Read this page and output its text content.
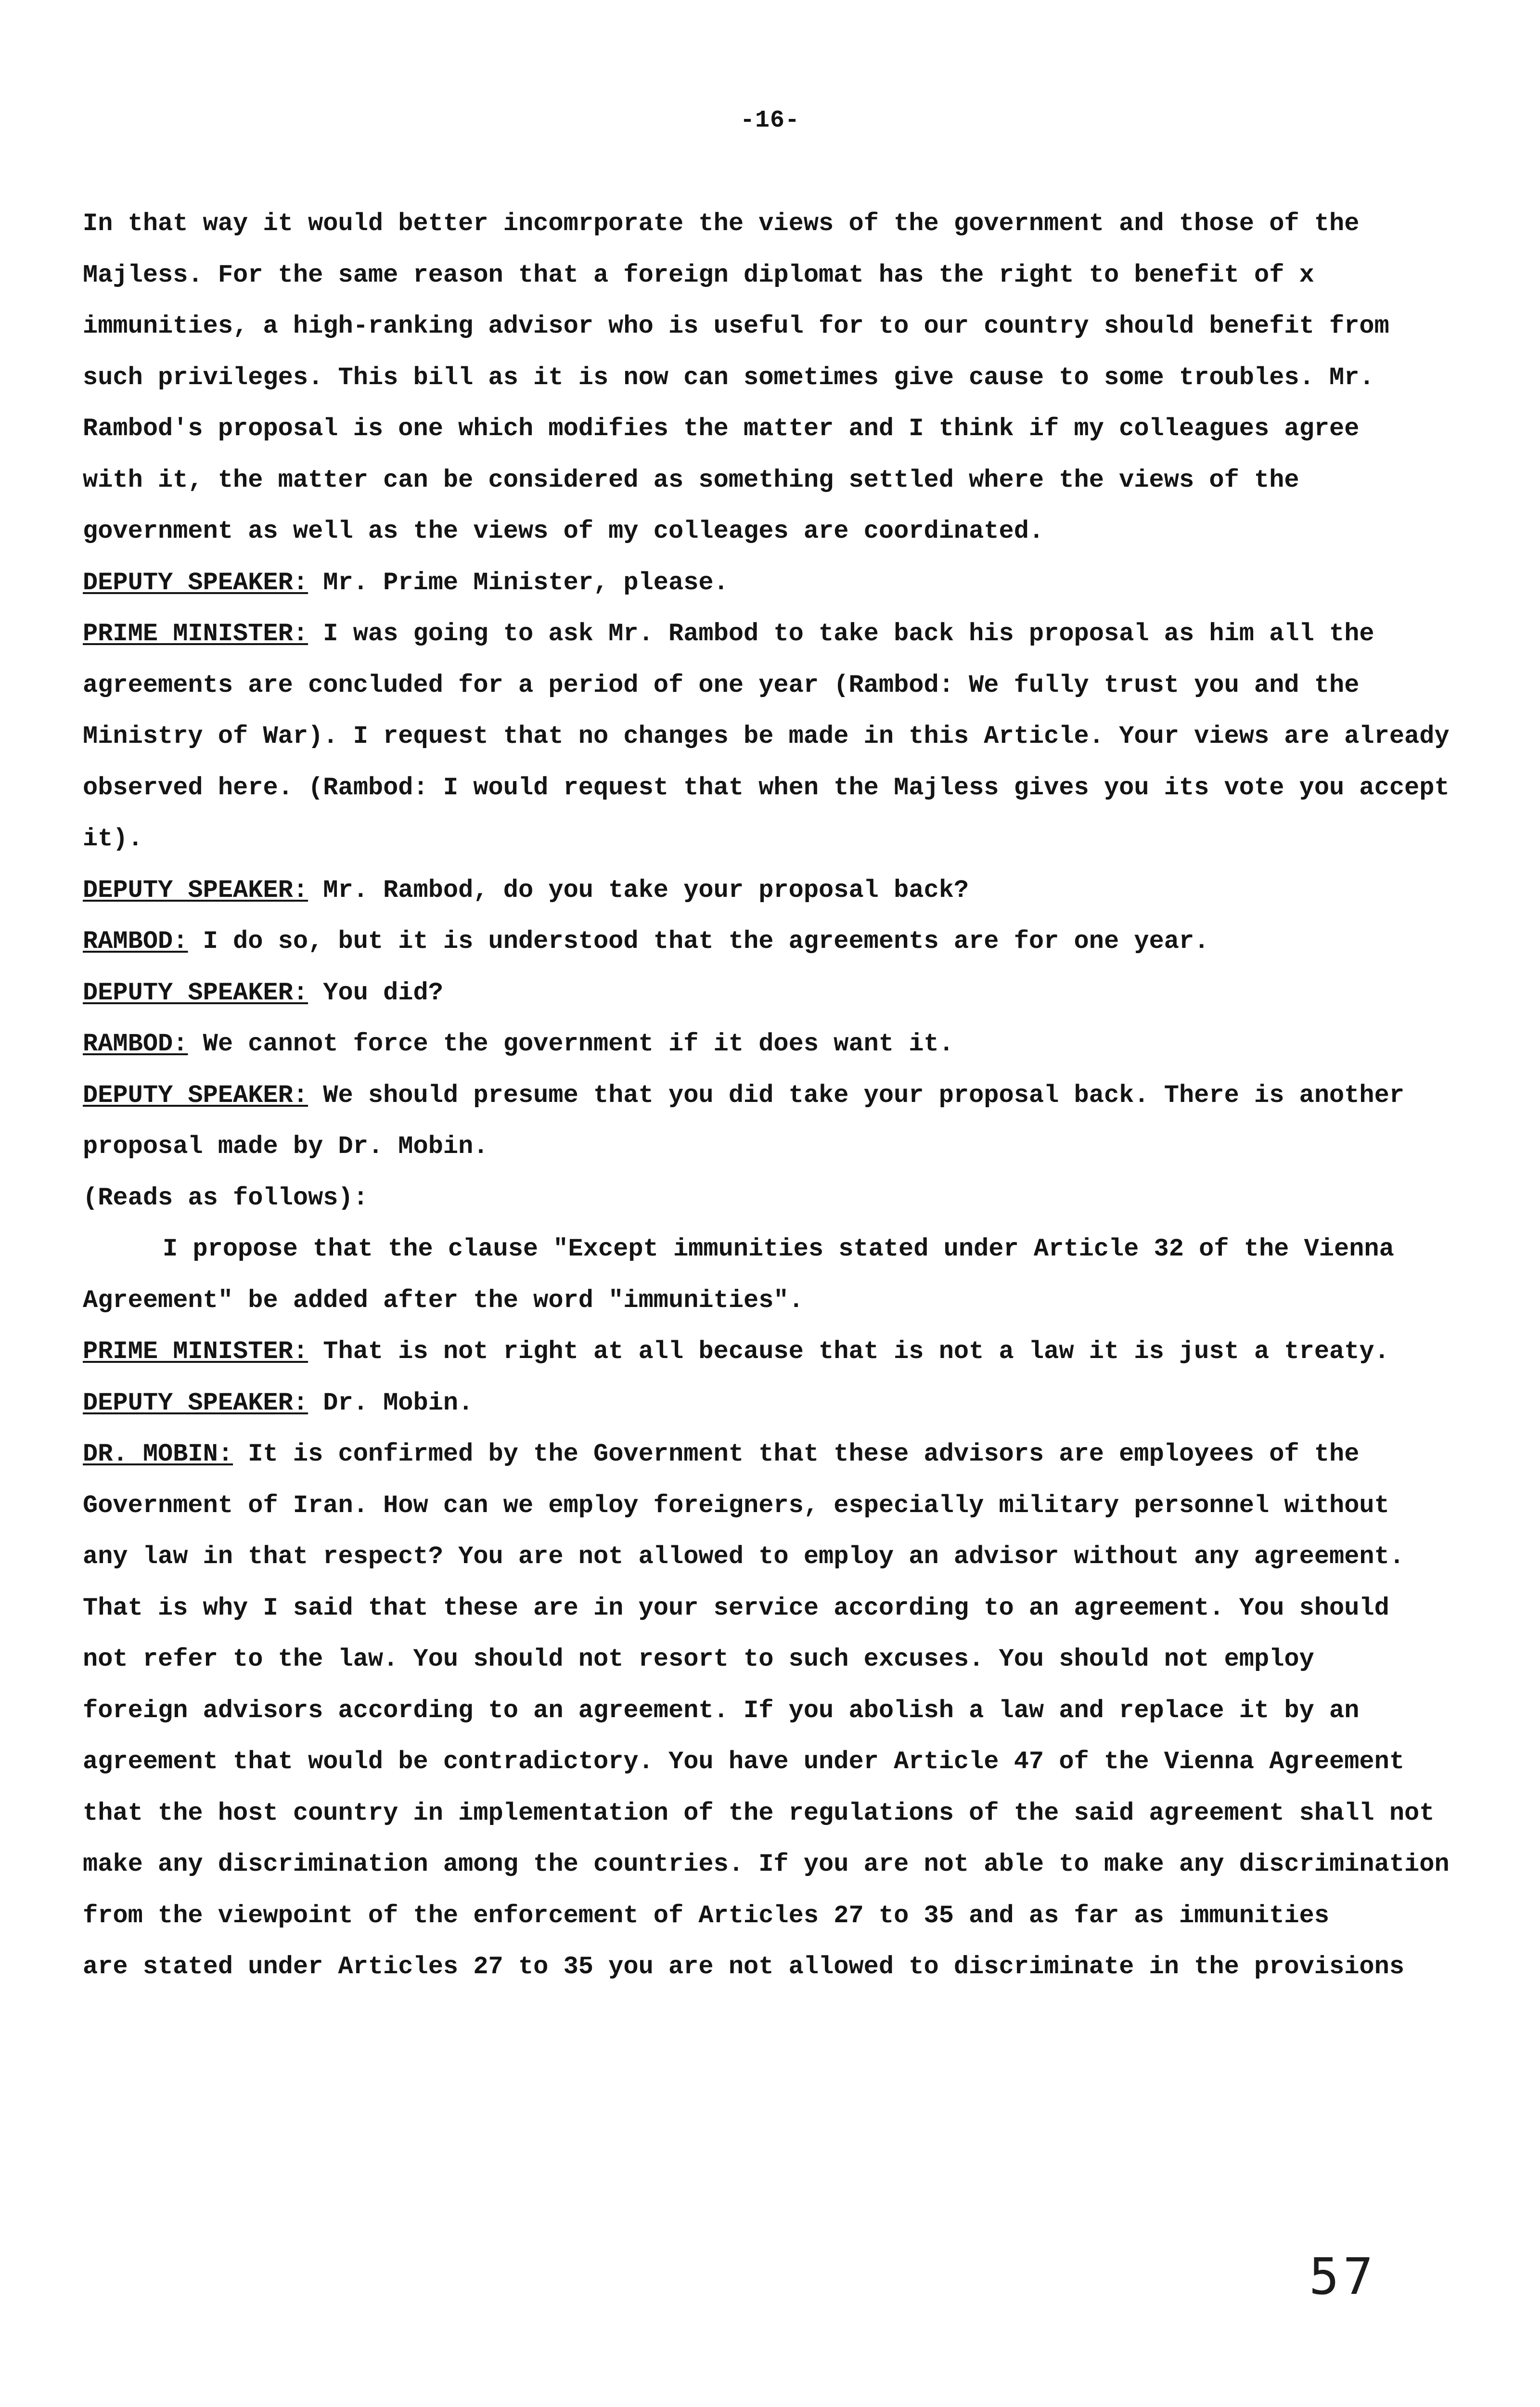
-16-
In that way it would better incomrporate the views of the government and those of the
Majless. For the same reason that a foreign diplomat has the right to benefit of x
immunities, a high-ranking advisor who is useful for to our country should benefit from
such privileges. This bill as it is now can sometimes give cause to some troubles. Mr.
Rambod's proposal is one which modifies the matter and I think if my colleagues agree
with it, the matter can be considered as something settled where the views of the
government as well as the views of my colleages are coordinated.
DEPUTY SPEAKER: Mr. Prime Minister, please.
PRIME MINISTER: I was going to ask Mr. Rambod to take back his proposal as him all the
agreements are concluded for a period of one year (Rambod: We fully trust you and the
Ministry of War). I request that no changes be made in this Article. Your views are already
observed here. (Rambod: I would request that when the Majless gives you its vote you accept
it).
DEPUTY SPEAKER: Mr. Rambod, do you take your proposal back?
RAMBOD: I do so, but it is understood that the agreements are for one year.
DEPUTY SPEAKER: You did?
RAMBOD: We cannot force the government if it does want it.
DEPUTY SPEAKER: We should presume that you did take your proposal back. There is another
proposal made by Dr. Mobin.
(Reads as follows):
I propose that the clause "Except immunities stated under Article 32 of the Vienna
Agreement" be added after the word "immunities".
PRIME MINISTER: That is not right at all because that is not a law it is just a treaty.
DEPUTY SPEAKER: Dr. Mobin.
DR. MOBIN: It is confirmed by the Government that these advisors are employees of the
Government of Iran. How can we employ foreigners, especially military personnel without
any law in that respect? You are not allowed to employ an advisor without any agreement.
That is why I said that these are in your service according to an agreement. You should
not refer to the law. You should not resort to such excuses. You should not employ
foreign advisors according to an agreement. If you abolish a law and replace it by an
agreement that would be contradictory. You have under Article 47 of the Vienna Agreement
that the host country in implementation of the regulations of the said agreement shall not
make any discrimination among the countries. If you are not able to make any discrimination
from the viewpoint of the enforcement of Articles 27 to 35 and as far as immunities
are stated under Articles 27 to 35 you are not allowed to discriminate in the provisions
57
